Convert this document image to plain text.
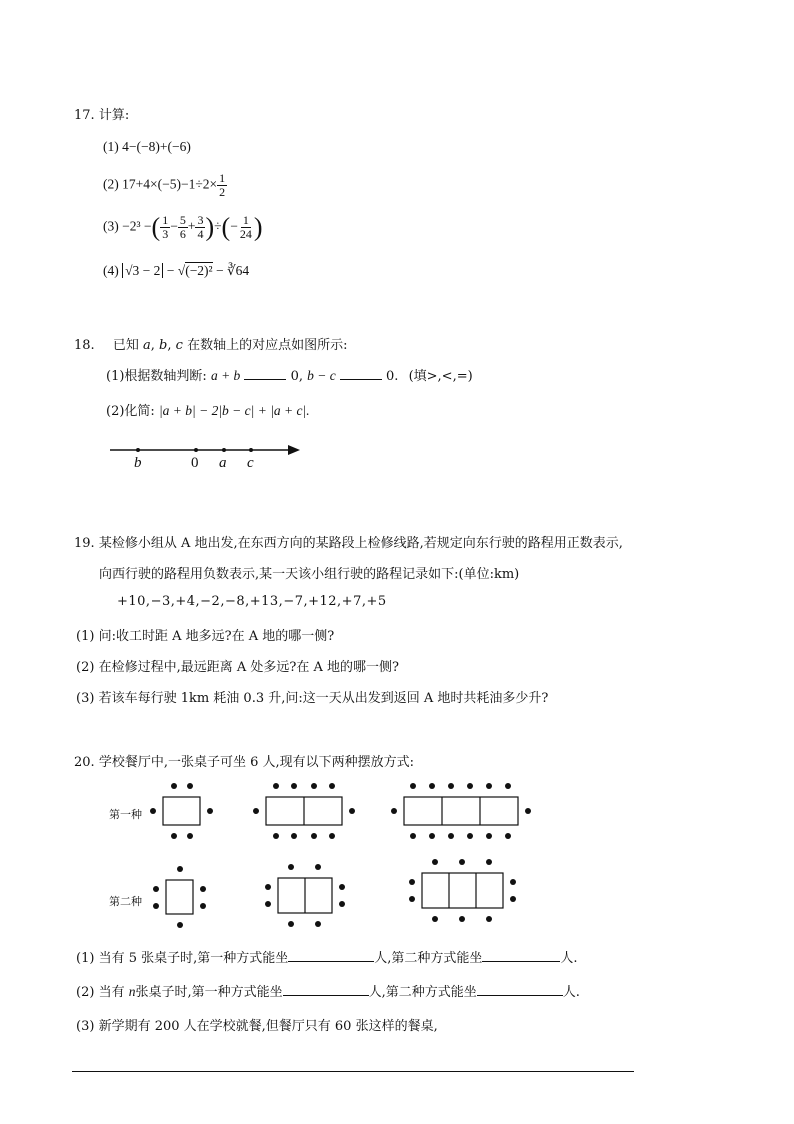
17. 计算:
(1) 4−(−8)+(−6)
(2) $17+4\times(-5)-1\div 2\times \frac{1}{2}$
(3) −2³ −( $\frac{1}{3} - \frac{5}{6} + \frac{3}{4}$ )÷(− $\frac{1}{24}$ )
(4) √3 − 2 − √(−2)² − ∛64
18. 已知 a, b, c 在数轴上的对应点如图所示:
(1)根据数轴判断: a + b	0, b − c	0. (填>,<,=)
(2)化简: |a + b| − 2|b − c| + |a + c|.
b	0 a c
19. 某检修小组从 A 地出发,在东西方向的某路段上检修线路,若规定向东行驶的路程用正数表示,
向西行驶的路程用负数表示,某一天该小组行驶的路程记录如下:(单位:km)
+10,−3,+4,−2,−8,+13,−7,+12,+7,+5
(1) 问:收工时距 A 地多远?在 A 地的哪一侧?
(2) 在检修过程中,最远距离 A 处多远?在 A 地的哪一侧?
(3) 若该车每行驶 1km 耗油 0.3 升,问:这一天从出发到返回 A 地时共耗油多少升?
20. 学校餐厅中,一张桌子可坐 6 人,现有以下两种摆放方式:
第一种
第二种
(1) 当有 5 张桌子时,第一种方式能坐	人,第二种方式能坐	人.
(2) 当有 n张桌子时,第一种方式能坐	人,第二种方式能坐	人.
(3) 新学期有 200 人在学校就餐,但餐厅只有 60 张这样的餐桌,
